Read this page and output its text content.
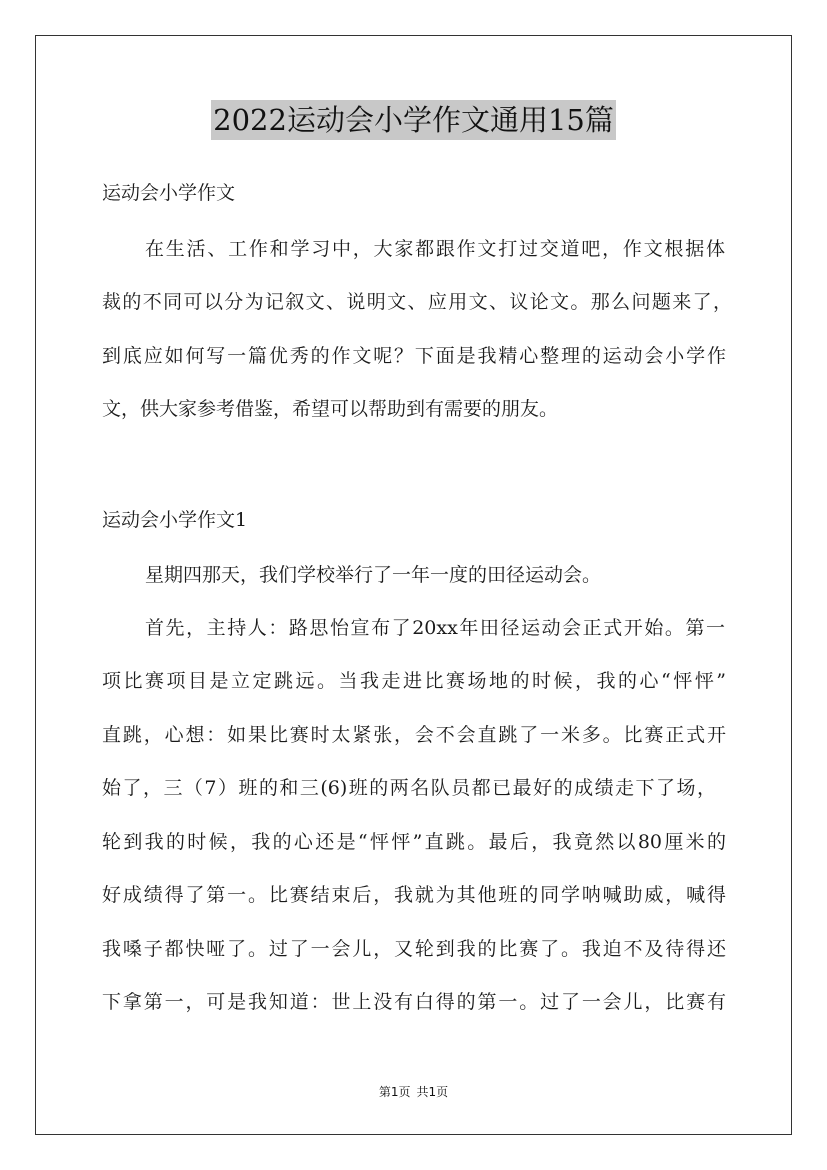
2022运动会小学作文通用15篇
运动会小学作文
在生活、工作和学习中，大家都跟作文打过交道吧，作文根据体
裁的不同可以分为记叙文、说明文、应用文、议论文。那么问题来了，
到底应如何写一篇优秀的作文呢？下面是我精心整理的运动会小学作
文，供大家参考借鉴，希望可以帮助到有需要的朋友。
运动会小学作文1
星期四那天，我们学校举行了一年一度的田径运动会。
首先，主持人：路思怡宣布了20xx年田径运动会正式开始。第一
项比赛项目是立定跳远。当我走进比赛场地的时候，我的心“怦怦”
直跳，心想：如果比赛时太紧张，会不会直跳了一米多。比赛正式开
始了，三（7）班的和三(6)班的两名队员都已最好的成绩走下了场，
轮到我的时候，我的心还是“怦怦”直跳。最后，我竟然以80厘米的
好成绩得了第一。比赛结束后，我就为其他班的同学呐喊助威，喊得
我嗓子都快哑了。过了一会儿，又轮到我的比赛了。我迫不及待得还
下拿第一，可是我知道：世上没有白得的第一。过了一会儿，比赛有
第1页 共1页
